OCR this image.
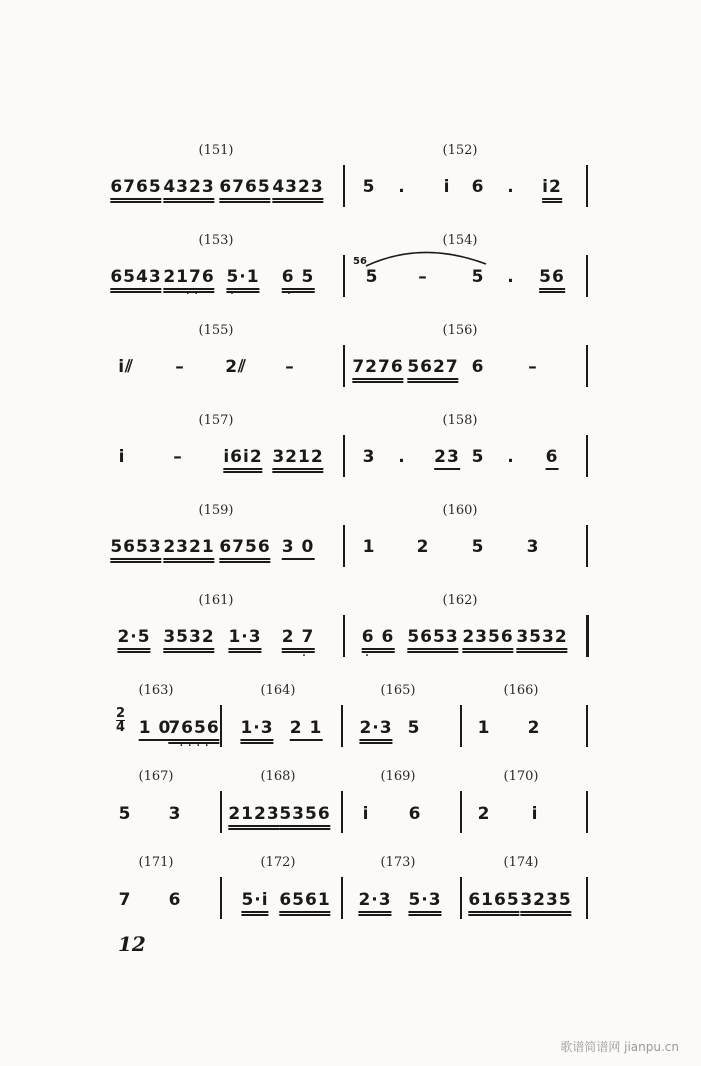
(151)	(152)
6765 4323 6765 4323 5 . i 6 . i2
(153)	(154)
6543 2176
··
5·1
·
6 5
·
56
5 –	5 . 56
(155)	(156)
i⫽ – 2⫽ –	7276 5627 6	–
(157)	(158)
i	– i6i2 3212 3 . 23 5 . 6
(159)	(160)
5653 2321 6756 3 0	1 2 5 3
(161)	(162)
2·5 3532 1·3 2 7
·
6 6
·
5653 2356 3532
(163)	(164)	(165)	(166)
2
4 1 0
7656
····
1·3 2 1 2·3 5	1 2
(167)	(168)	(169)	(170)
5 3	2123 5356 i 6	2 i
(171)	(172)	(173)	(174)
7 6	5·i 6561 2·3 5·3 6165 3235
12
歌谱简谱网 jianpu.cn
